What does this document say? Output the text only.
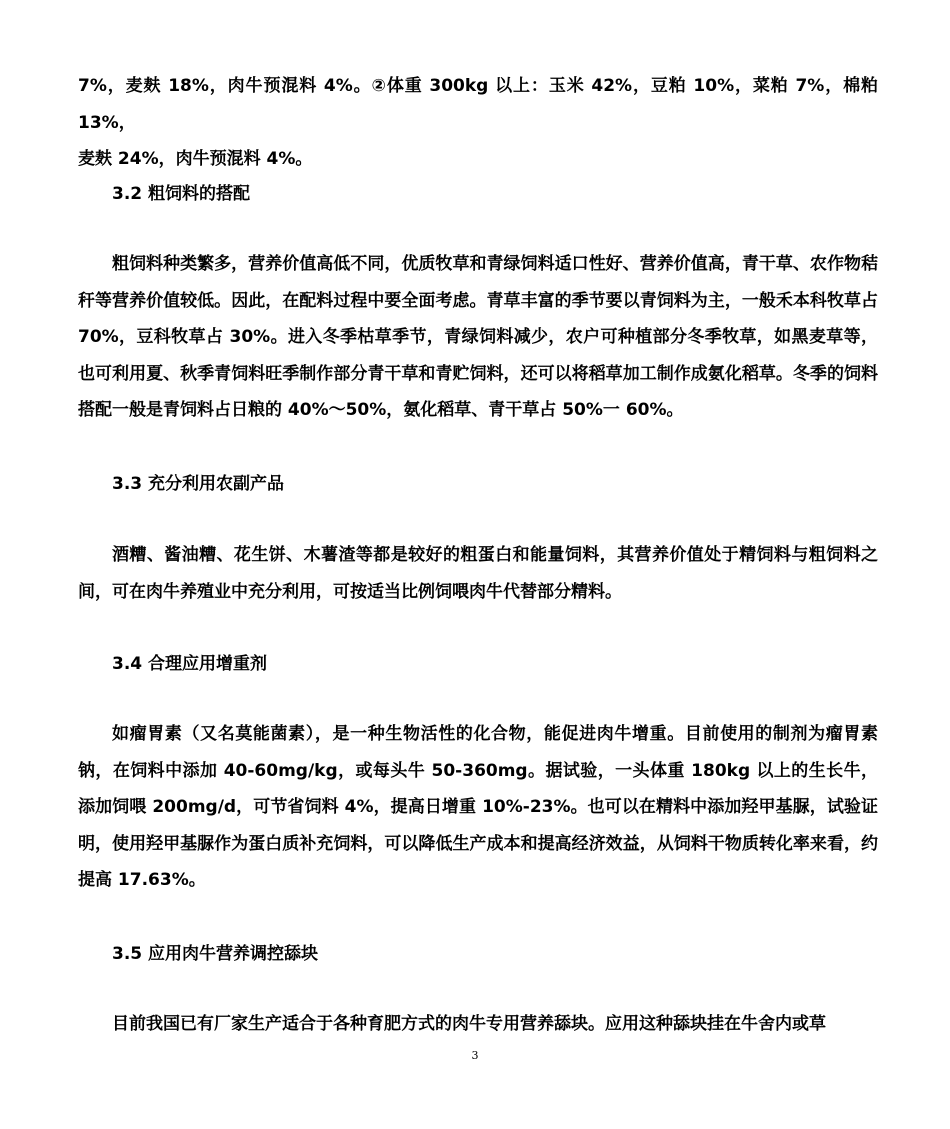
7%，麦麸 18%，肉牛预混料 4%。②体重 300kg 以上：玉米 42%，豆粕 10%，菜粕 7%，棉粕 13%，
麦麸 24%，肉牛预混料 4%。
3.2 粗饲料的搭配
粗饲料种类繁多，营养价值高低不同，优质牧草和青绿饲料适口性好、营养价值高，青干草、农作物秸秆等营养价值较低。因此，在配料过程中要全面考虑。青草丰富的季节要以青饲料为主，一般禾本科牧草占 70%，豆科牧草占 30%。进入冬季枯草季节，青绿饲料减少，农户可种植部分冬季牧草，如黑麦草等，也可利用夏、秋季青饲料旺季制作部分青干草和青贮饲料，还可以将稻草加工制作成氨化稻草。冬季的饲料搭配一般是青饲料占日粮的 40%～50%，氨化稻草、青干草占 50%一 60%。
3.3 充分利用农副产品
酒糟、酱油糟、花生饼、木薯渣等都是较好的粗蛋白和能量饲料，其营养价值处于精饲料与粗饲料之间，可在肉牛养殖业中充分利用，可按适当比例饲喂肉牛代替部分精料。
3.4 合理应用增重剂
如瘤胃素（又名莫能菌素），是一种生物活性的化合物，能促进肉牛增重。目前使用的制剂为瘤胃素钠，在饲料中添加 40-60mg/kg，或每头牛 50-360mg。据试验，一头体重 180kg 以上的生长牛，添加饲喂 200mg/d，可节省饲料 4%，提高日增重 10%-23%。也可以在精料中添加羟甲基脲，试验证明，使用羟甲基脲作为蛋白质补充饲料，可以降低生产成本和提高经济效益，从饲料干物质转化率来看，约提高 17.63%。
3.5 应用肉牛营养调控舔块
目前我国已有厂家生产适合于各种育肥方式的肉牛专用营养舔块。应用这种舔块挂在牛舍内或草
3
